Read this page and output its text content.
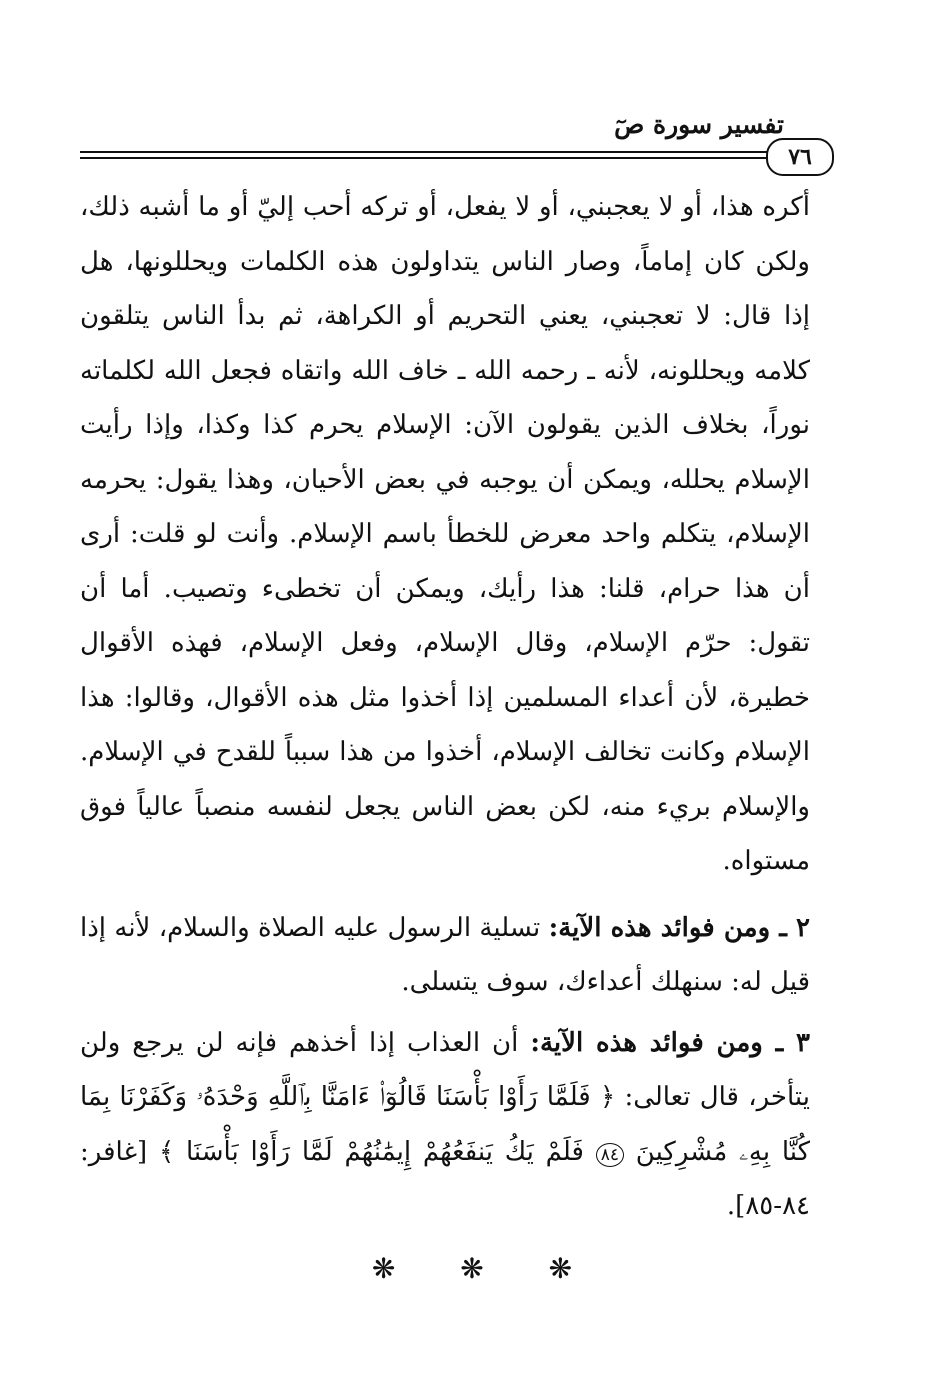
تفسير سورة صٓ
٧٦

أكره هذا، أو لا يعجبني، أو لا يفعل، أو تركه أحب إليّ أو ما أشبه ذلك، ولكن كان إماماً، وصار الناس يتداولون هذه الكلمات ويحللونها، هل إذا قال: لا تعجبني، يعني التحريم أو الكراهة، ثم بدأ الناس يتلقون كلامه ويحللونه، لأنه ـ رحمه الله ـ خاف الله واتقاه فجعل الله لكلماته نوراً، بخلاف الذين يقولون الآن: الإسلام يحرم كذا وكذا، وإذا رأيت الإسلام يحلله، ويمكن أن يوجبه في بعض الأحيان، وهذا يقول: يحرمه الإسلام، يتكلم واحد معرض للخطأ باسم الإسلام. وأنت لو قلت: أرى أن هذا حرام، قلنا: هذا رأيك، ويمكن أن تخطىء وتصيب. أما أن تقول: حرّم الإسلام، وقال الإسلام، وفعل الإسلام، فهذه الأقوال خطيرة، لأن أعداء المسلمين إذا أخذوا مثل هذه الأقوال، وقالوا: هذا الإسلام وكانت تخالف الإسلام، أخذوا من هذا سبباً للقدح في الإسلام. والإسلام بريء منه، لكن بعض الناس يجعل لنفسه منصباً عالياً فوق مستواه.

٢ ـ ومن فوائد هذه الآية: تسلية الرسول عليه الصلاة والسلام، لأنه إذا قيل له: سنهلك أعداءك، سوف يتسلى.

٣ ـ ومن فوائد هذه الآية: أن العذاب إذا أخذهم فإنه لن يرجع ولن يتأخر، قال تعالى: ﴿ فَلَمَّا رَأَوْا بَأْسَنَا قَالُوٓا۟ ءَامَنَّا بِٱللَّهِ وَحْدَهُۥ وَكَفَرْنَا بِمَا كُنَّا بِهِۦ مُشْرِكِينَ ٨٤ فَلَمْ يَكُ يَنفَعُهُمْ إِيمَٰنُهُمْ لَمَّا رَأَوْا بَأْسَنَا ﴾ [غافر: ٨٤-٨٥].

❋ ❋ ❋
